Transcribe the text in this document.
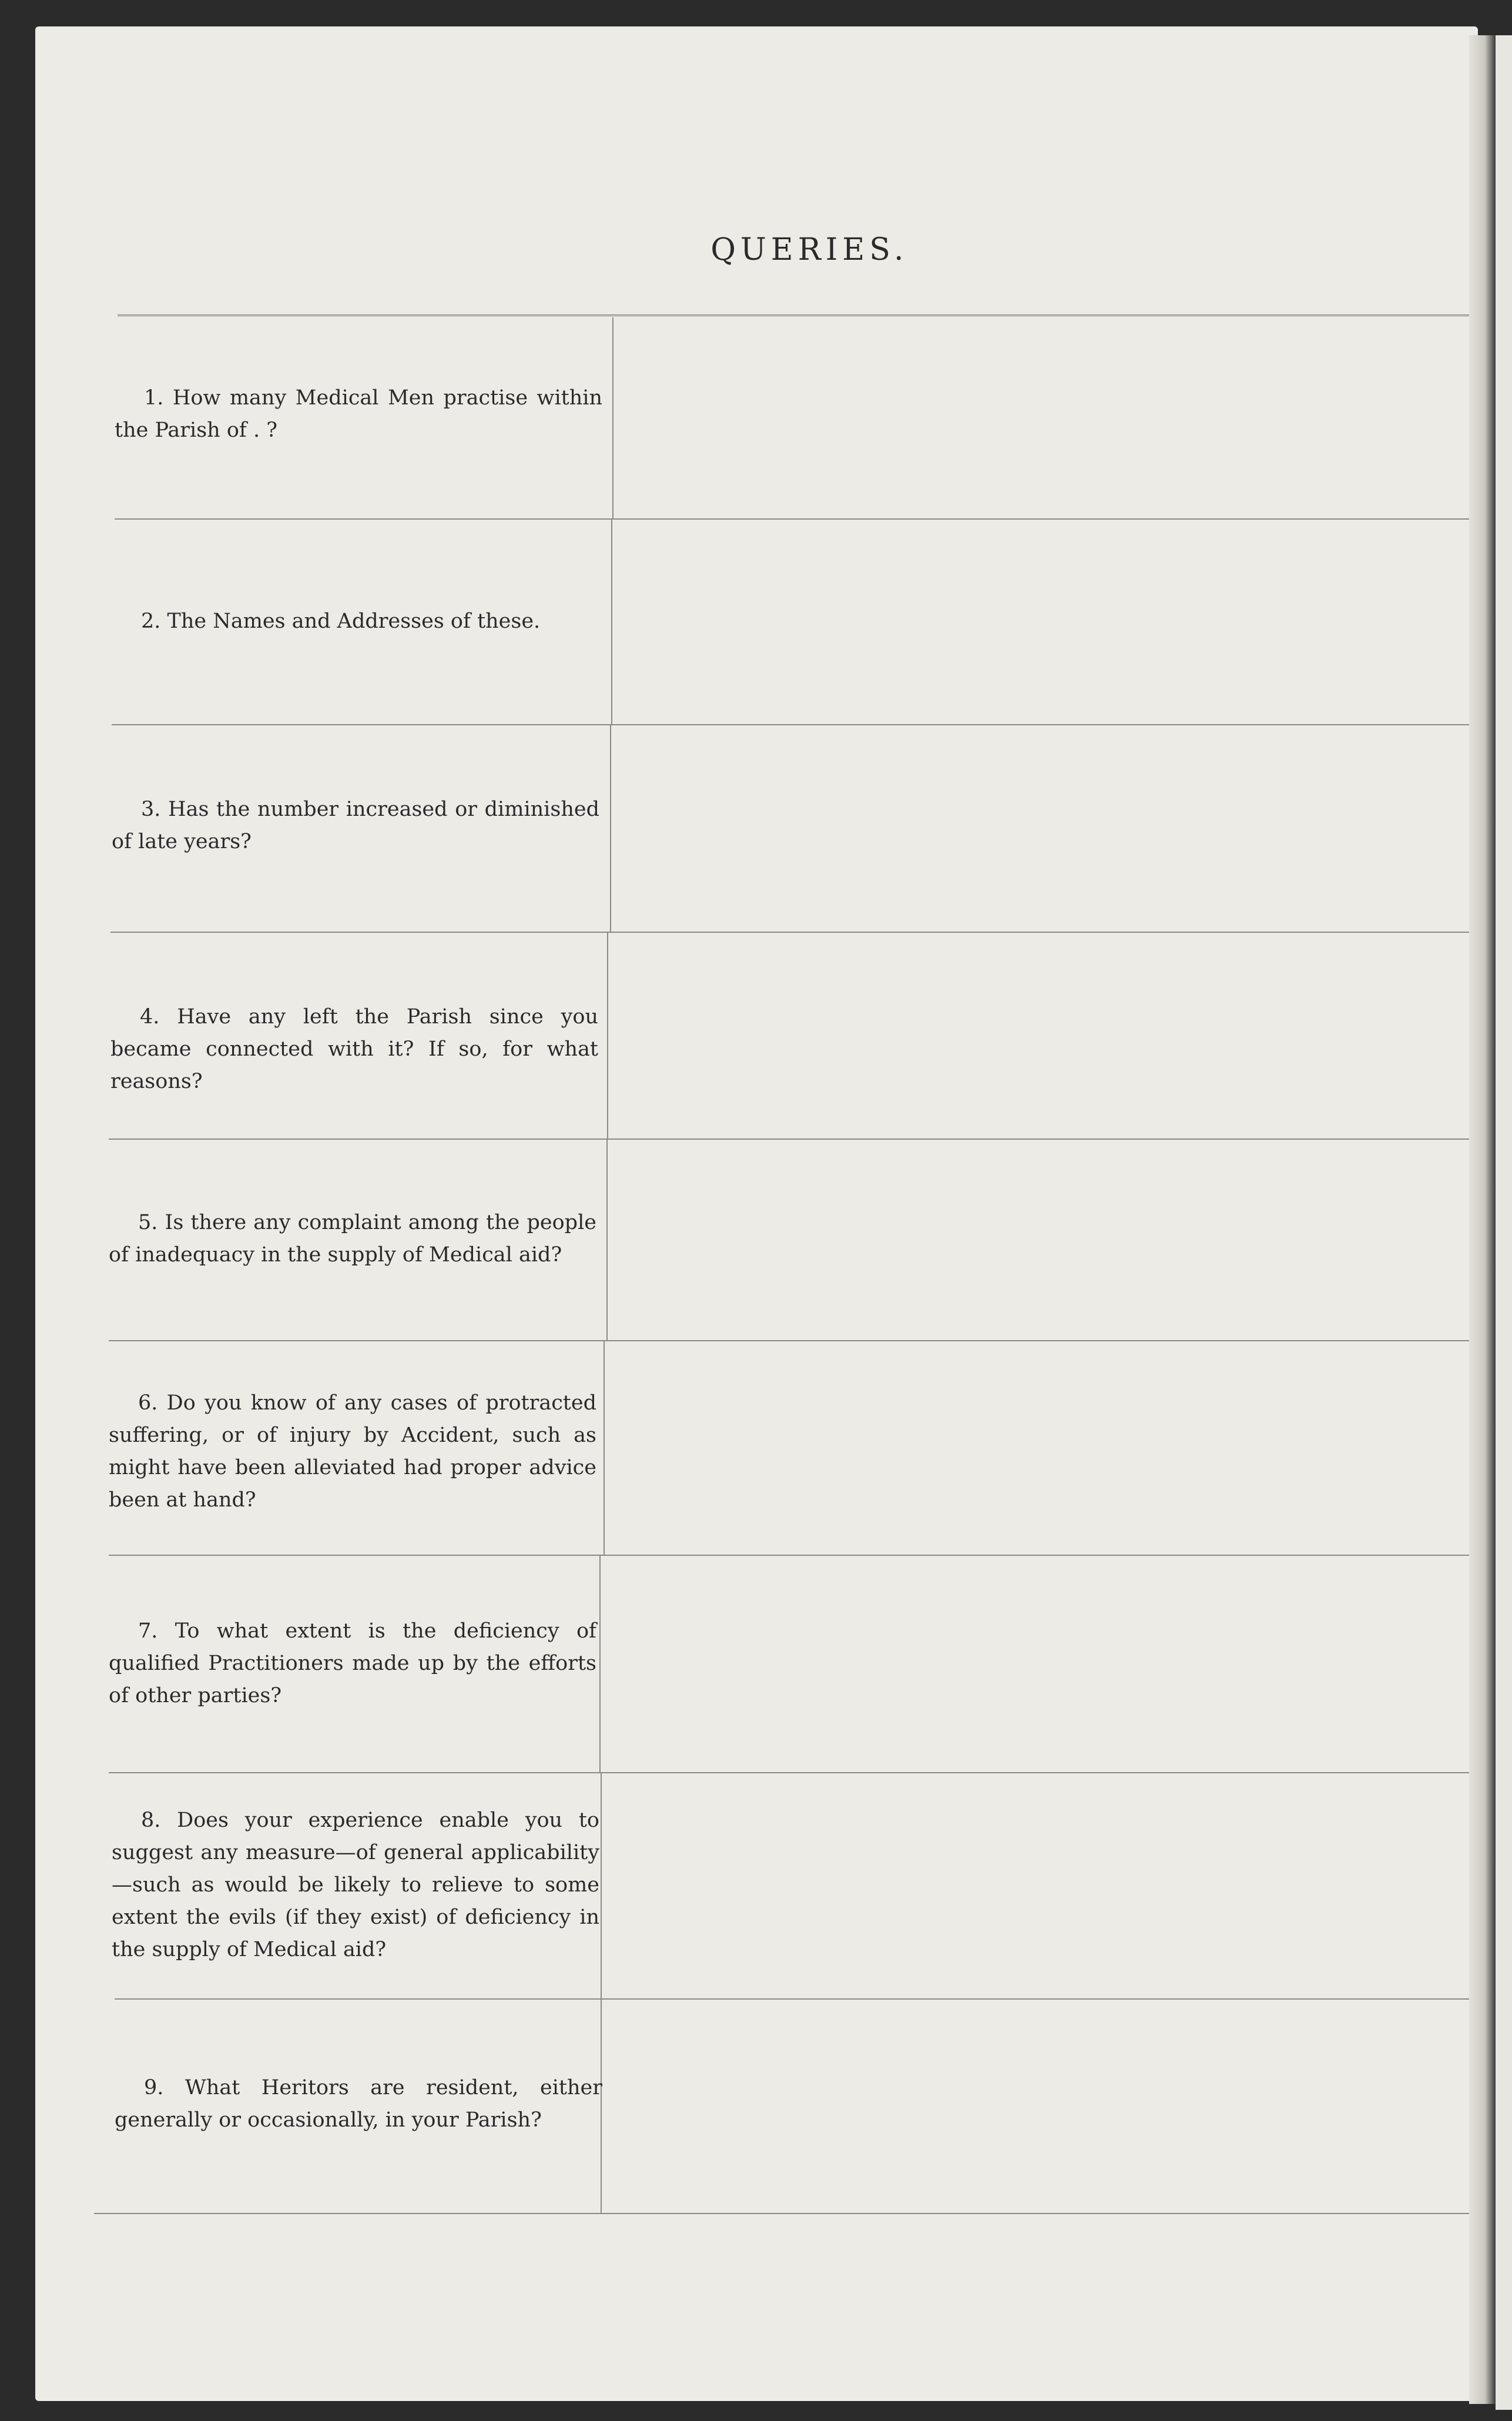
QUERIES.
1. How many Medical Men practise within the Parish of . ?
2. The Names and Addresses of these.
3. Has the number increased or diminished of late years?
4. Have any left the Parish since you became connected with it? If so, for what reasons?
5. Is there any complaint among the people of inadequacy in the supply of Medical aid?
6. Do you know of any cases of protracted suffering, or of injury by Accident, such as might have been alleviated had proper advice been at hand?
7. To what extent is the deficiency of qualified Practitioners made up by the efforts of other parties?
8. Does your experience enable you to suggest any measure—of general applicability—such as would be likely to relieve to some extent the evils (if they exist) of deficiency in the supply of Medical aid?
9. What Heritors are resident, either generally or occasionally, in your Parish?
